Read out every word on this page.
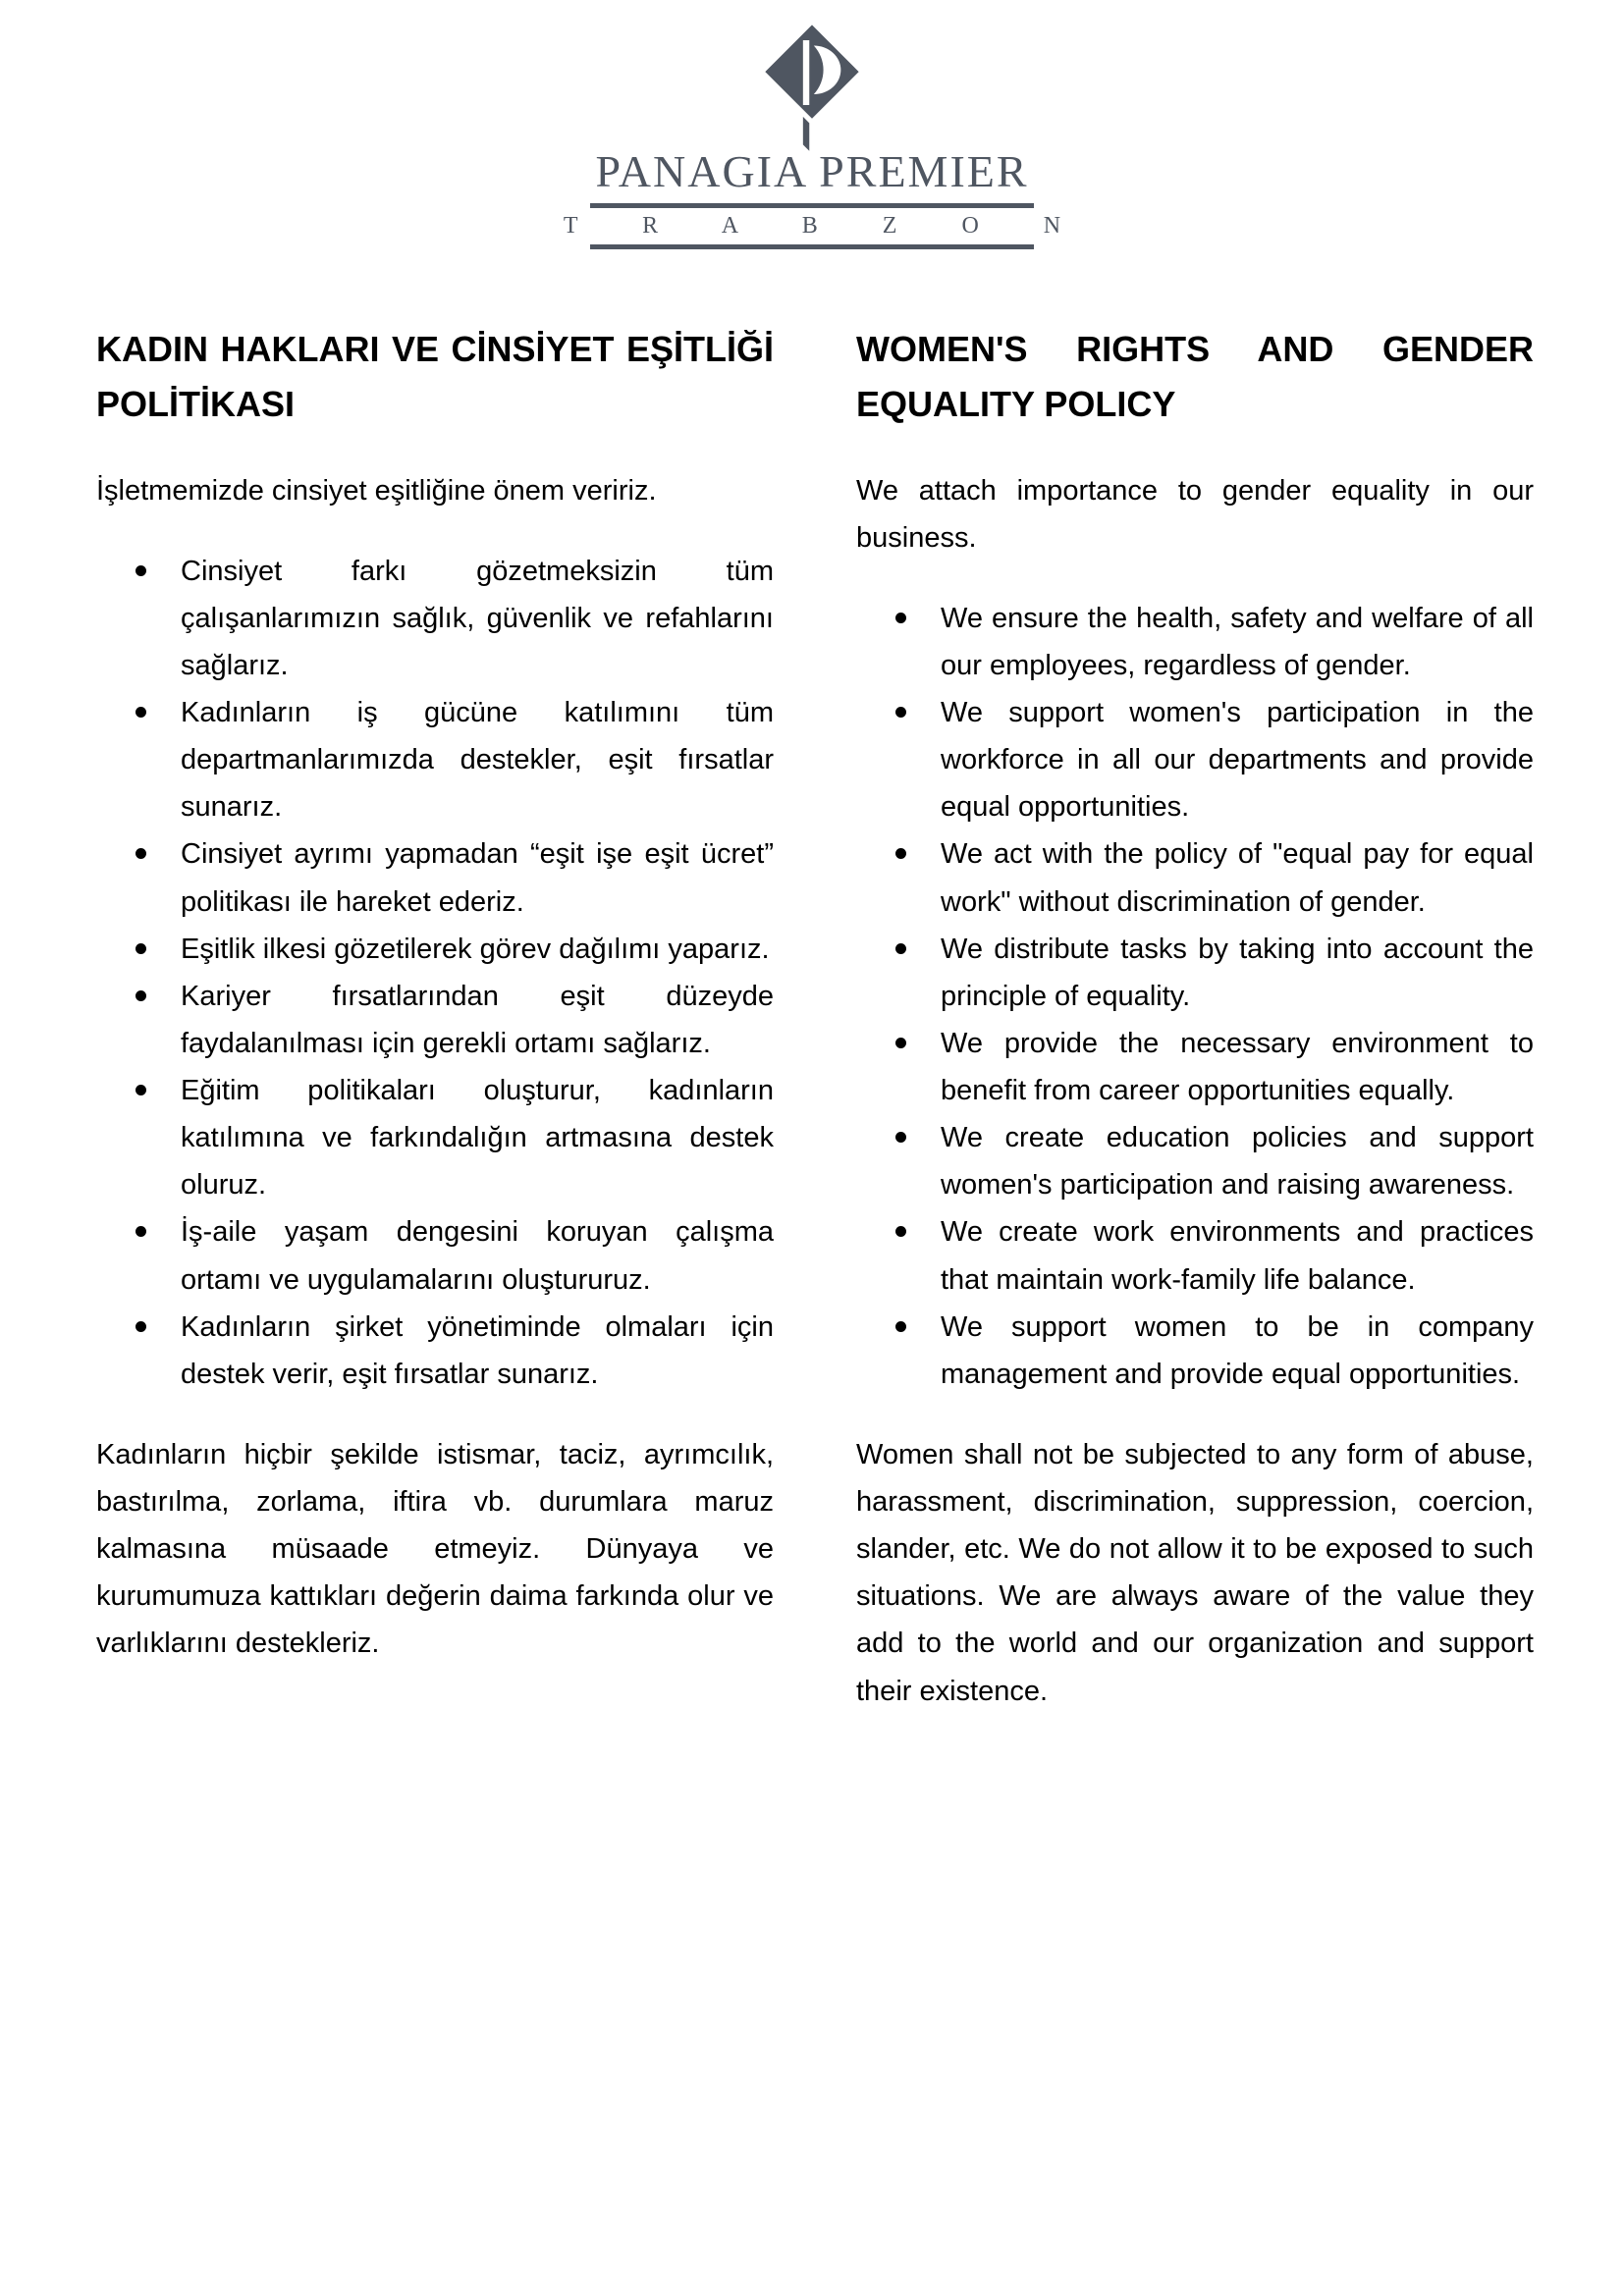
PANAGIA PREMIER
T R A B Z O N
KADIN HAKLARI VE CİNSİYET EŞİTLİĞİ POLİTİKASI

İşletmemizde cinsiyet eşitliğine önem veririz.

Cinsiyet farkı gözetmeksizin tüm çalışanlarımızın sağlık, güvenlik ve refahlarını sağlarız.
Kadınların iş gücüne katılımını tüm departmanlarımızda destekler, eşit fırsatlar sunarız.
Cinsiyet ayrımı yapmadan “eşit işe eşit ücret” politikası ile hareket ederiz.
Eşitlik ilkesi gözetilerek görev dağılımı yaparız.
Kariyer fırsatlarından eşit düzeyde faydalanılması için gerekli ortamı sağlarız.
Eğitim politikaları oluşturur, kadınların katılımına ve farkındalığın artmasına destek oluruz.
İş-aile yaşam dengesini koruyan çalışma ortamı ve uygulamalarını oluştururuz.
Kadınların şirket yönetiminde olmaları için destek verir, eşit fırsatlar sunarız.

Kadınların hiçbir şekilde istismar, taciz, ayrımcılık, bastırılma, zorlama, iftira vb. durumlara maruz kalmasına müsaade etmeyiz. Dünyaya ve kurumumuza kattıkları değerin daima farkında olur ve varlıklarını destekleriz.

WOMEN'S RIGHTS AND GENDER EQUALITY POLICY

We attach importance to gender equality in our business.

We ensure the health, safety and welfare of all our employees, regardless of gender.
We support women's participation in the workforce in all our departments and provide equal opportunities.
We act with the policy of "equal pay for equal work" without discrimination of gender.
We distribute tasks by taking into account the principle of equality.
We provide the necessary environment to benefit from career opportunities equally.
We create education policies and support women's participation and raising awareness.
We create work environments and practices that maintain work-family life balance.
We support women to be in company management and provide equal opportunities.

Women shall not be subjected to any form of abuse, harassment, discrimination, suppression, coercion, slander, etc. We do not allow it to be exposed to such situations. We are always aware of the value they add to the world and our organization and support their existence.
